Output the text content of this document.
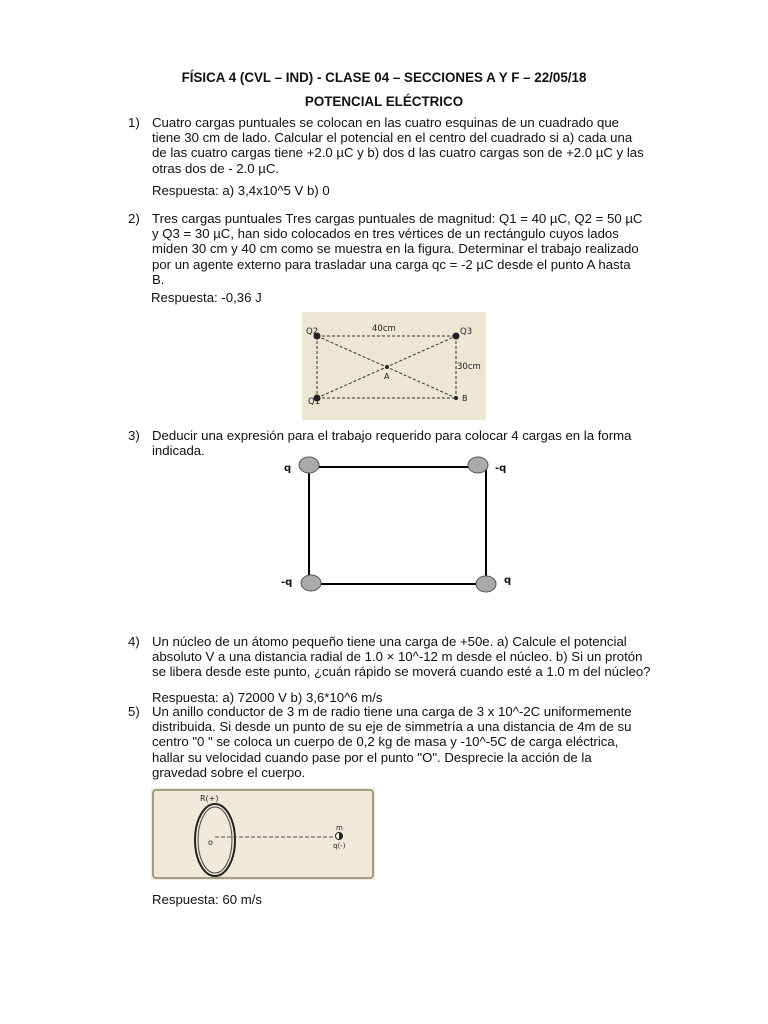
FÍSICA 4 (CVL – IND) - CLASE 04 – SECCIONES A Y F – 22/05/18
POTENCIAL ELÉCTRICO
1) Cuatro cargas puntuales se colocan en las cuatro esquinas de un cuadrado que
tiene 30 cm de lado. Calcular el potencial en el centro del cuadrado si a) cada una
de las cuatro cargas tiene +2.0 µC y b) dos d las cuatro cargas son de +2.0 µC y las
otras dos de - 2.0 µC.
Respuesta: a) 3,4x10^5 V b) 0
2) Tres cargas puntuales Tres cargas puntuales de magnitud: Q1 = 40 µC, Q2 = 50 µC
y Q3 = 30 µC, han sido colocados en tres vértices de un rectángulo cuyos lados
miden 30 cm y 40 cm como se muestra en la figura. Determinar el trabajo realizado
por un agente externo para trasladar una carga qc = -2 µC desde el punto A hasta
B.
Respuesta: -0,36 J
40cm
30cm
Q2	Q3
Q1
A
B
3) Deducir una expresión para el trabajo requerido para colocar 4 cargas en la forma
indicada.
q	-q
-q	q
4) Un núcleo de un átomo pequeño tiene una carga de +50e. a) Calcule el potencial
absoluto V a una distancia radial de 1.0 × 10^-12 m desde el núcleo. b) Si un protón
se libera desde este punto, ¿cuán rápido se moverá cuando esté a 1.0 m del núcleo?
Respuesta: a) 72000 V b) 3,6*10^6 m/s
5) Un anillo conductor de 3 m de radio tiene una carga de 3 x 10^-2C uniformemente
distribuida. Si desde un punto de su eje de simmetría a una distancia de 4m de su
centro "0 " se coloca un cuerpo de 0,2 kg de masa y -10^-5C de carga eléctrica,
hallar su velocidad cuando pase por el punto "O". Desprecie la acción de la
gravedad sobre el cuerpo.
R(+)
o
m
q(-)
Respuesta: 60 m/s
